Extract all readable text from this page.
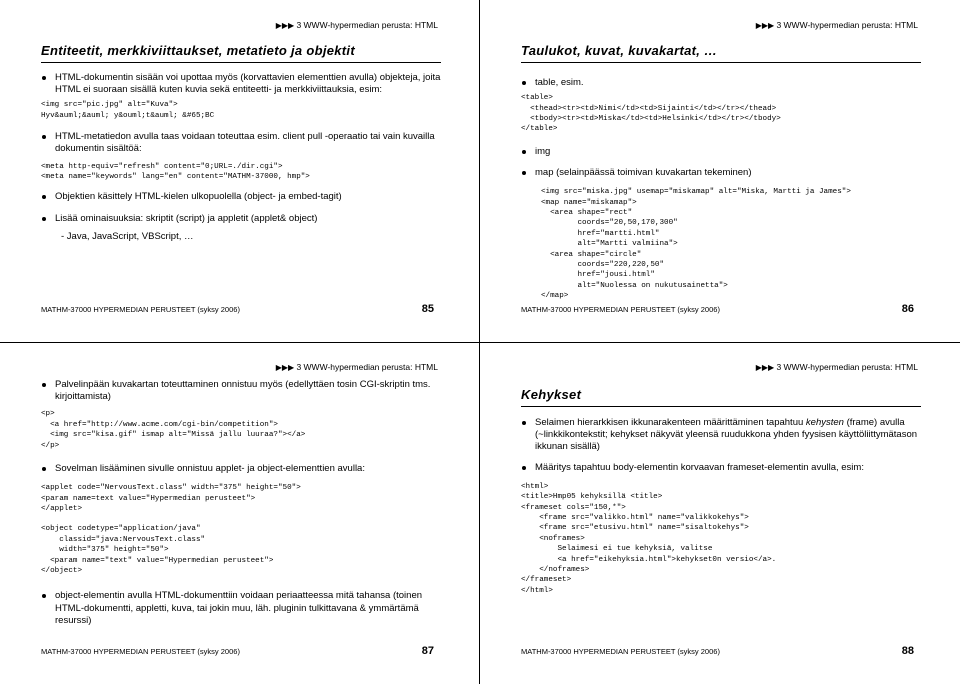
▶▶▶ 3 WWW-hypermedian perusta: HTML
Entiteetit, merkkiviittaukset, metatieto ja objektit
HTML-dokumentin sisään voi upottaa myös (korvattavien elementtien avulla) objekteja, joita HTML ei suoraan sisällä kuten kuvia sekä entiteetti- ja merkkiviittauksia, esim:
<img src="pic.jpg" alt="Kuva">
Hyv&auml;&auml; y&ouml;t&auml; &#65;BC
HTML-metatiedon avulla taas voidaan toteuttaa esim. client pull -operaatio tai vain kuvailla dokumentin sisältöä:
<meta http-equiv="refresh" content="0;URL=./dir.cgi">
<meta name="keywords" lang="en" content="MATHM-37000, hmp">
Objektien käsittely HTML-kielen ulkopuolella (object- ja embed-tagit)
Lisää ominaisuuksia: skriptit (script) ja appletit (applet& object)
- Java, JavaScript, VBScript, …
MATHM-37000 HYPERMEDIAN PERUSTEET (syksy 2006)	85
▶▶▶ 3 WWW-hypermedian perusta: HTML
Taulukot, kuvat, kuvakartat, …
table, esim.
<table>
<thead><tr><td>Nimi</td><td>Sijainti</td></tr></thead>
<tbody><tr><td>Miska</td><td>Helsinki</td></tr></tbody>
</table>
img
map (selainpäässä toimivan kuvakartan tekeminen)
<img src="miska.jpg" usemap="miskamap" alt="Miska, Martti ja James">
<map name="miskamap">
<area shape="rect"
coords="20,50,170,300"
href="martti.html"
alt="Martti valmiina">
<area shape="circle"
coords="220,220,50"
href="jousi.html"
alt="Nuolessa on nukutusainetta">
</map>
MATHM-37000 HYPERMEDIAN PERUSTEET (syksy 2006)	86
▶▶▶ 3 WWW-hypermedian perusta: HTML
Palvelinpään kuvakartan toteuttaminen onnistuu myös (edellyttäen tosin CGI-skriptin tms. kirjoittamista)
<p>
<a href="http://www.acme.com/cgi-bin/competition">
<img src="kisa.gif" ismap alt="Missä jallu luuraa?"></a>
</p>
Sovelman lisääminen sivulle onnistuu applet- ja object-elementtien avulla:
<applet code="NervousText.class" width="375" height="50">
<param name=text value="Hypermedian perusteet">
</applet>
<object codetype="application/java"
classid="java:NervousText.class"
width="375" height="50">
<param name="text" value="Hypermedian perusteet">
</object>
object-elementin avulla HTML-dokumenttiin voidaan periaatteessa mitä tahansa (toinen HTML-dokumentti, appletti, kuva, tai jokin muu, läh. pluginin tulkittavana & ymmärtämä resurssi)
MATHM-37000 HYPERMEDIAN PERUSTEET (syksy 2006)	87
▶▶▶ 3 WWW-hypermedian perusta: HTML
Kehykset
Selaimen hierarkkisen ikkunarakenteen määrittäminen tapahtuu kehysten (frame) avulla (~linkkikontekstit; kehykset näkyvät yleensä ruudukkona yhden fyysisen käyttöliittymätason ikkunan sisällä)
Määritys tapahtuu body-elementin korvaavan frameset-elementin avulla, esim:
<html>
<title>Hmp05 kehyksillä <title>
<frameset cols="150,*">
<frame src="valikko.html" name="valikkokehys">
<frame src="etusivu.html" name="sisaltokehys">
<noframes>
Selaimesi ei tue kehyksiä, valitse
<a href="eikehyksia.html">kehykset0n versio</a>.
</noframes>
</frameset>
</html>
MATHM-37000 HYPERMEDIAN PERUSTEET (syksy 2006)	88
